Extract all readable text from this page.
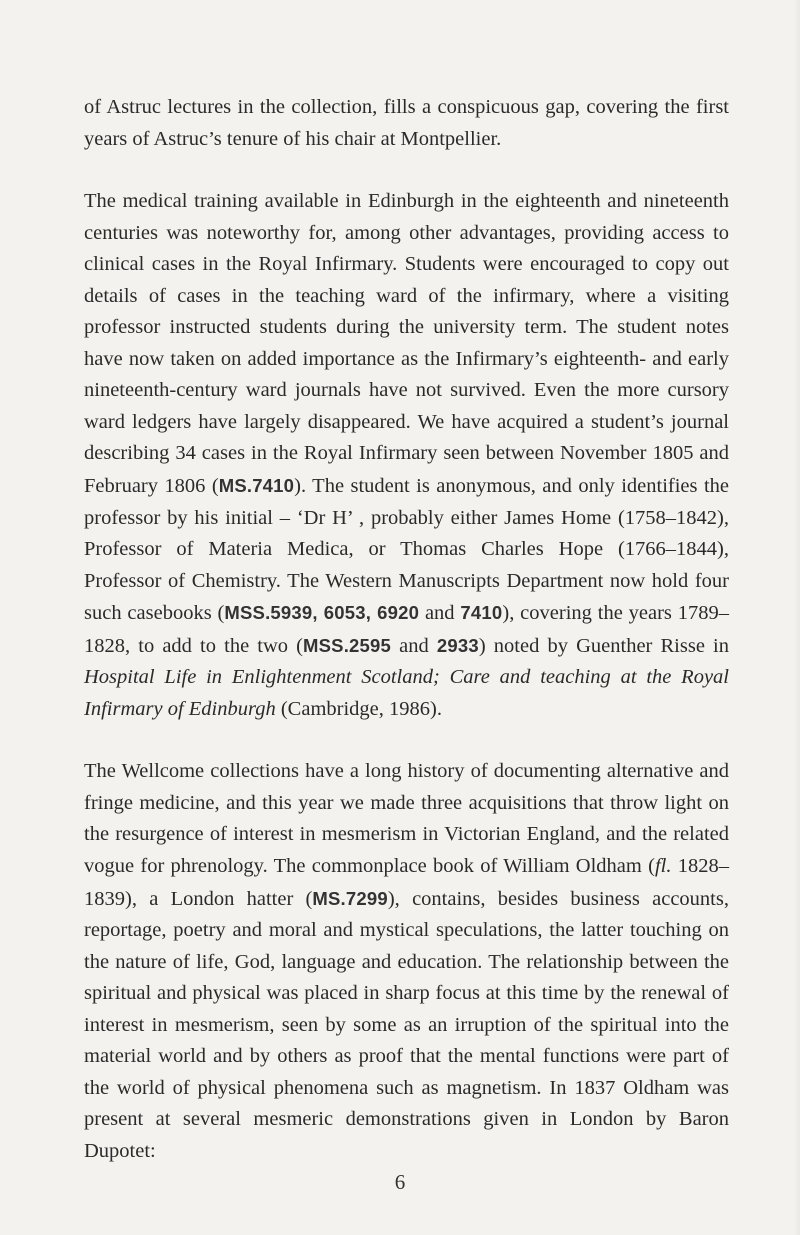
of Astruc lectures in the collection, fills a conspicuous gap, covering the first years of Astruc’s tenure of his chair at Montpellier.

The medical training available in Edinburgh in the eighteenth and nineteenth centuries was noteworthy for, among other advantages, providing access to clinical cases in the Royal Infirmary. Students were encouraged to copy out details of cases in the teaching ward of the infirmary, where a visiting professor instructed students during the university term. The student notes have now taken on added importance as the Infirmary’s eighteenth- and early nineteenth-century ward journals have not survived. Even the more cursory ward ledgers have largely disappeared. We have acquired a student’s journal describing 34 cases in the Royal Infirmary seen between November 1805 and February 1806 (MS.7410). The student is anonymous, and only identifies the professor by his initial – ‘Dr H’ , probably either James Home (1758–1842), Professor of Materia Medica, or Thomas Charles Hope (1766–1844), Professor of Chemistry. The Western Manuscripts Department now hold four such casebooks (MSS.5939, 6053, 6920 and 7410), covering the years 1789–1828, to add to the two (MSS.2595 and 2933) noted by Guenther Risse in Hospital Life in Enlightenment Scotland; Care and teaching at the Royal Infirmary of Edinburgh (Cambridge, 1986).

The Wellcome collections have a long history of documenting alternative and fringe medicine, and this year we made three acquisitions that throw light on the resurgence of interest in mesmerism in Victorian England, and the related vogue for phrenology. The commonplace book of William Oldham (fl. 1828–1839), a London hatter (MS.7299), contains, besides business accounts, reportage, poetry and moral and mystical speculations, the latter touching on the nature of life, God, language and education. The relationship between the spiritual and physical was placed in sharp focus at this time by the renewal of interest in mesmerism, seen by some as an irruption of the spiritual into the material world and by others as proof that the mental functions were part of the world of physical phenomena such as magnetism. In 1837 Oldham was present at several mesmeric demonstrations given in London by Baron Dupotet:

6
